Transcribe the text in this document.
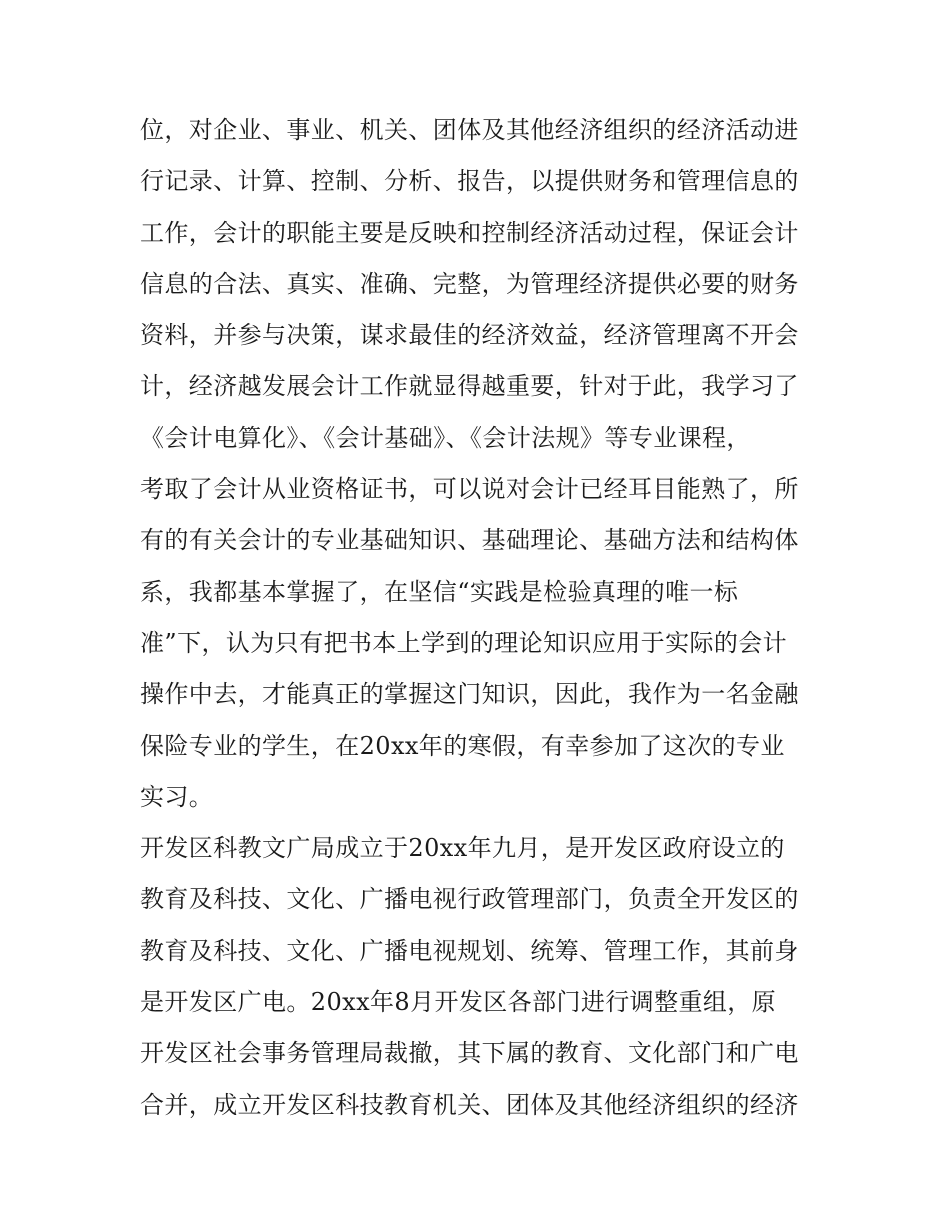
位，对企业、事业、机关、团体及其他经济组织的经济活动进
行记录、计算、控制、分析、报告，以提供财务和管理信息的
工作，会计的职能主要是反映和控制经济活动过程，保证会计
信息的合法、真实、准确、完整，为管理经济提供必要的财务
资料，并参与决策，谋求最佳的经济效益，经济管理离不开会
计，经济越发展会计工作就显得越重要，针对于此，我学习了
《会计电算化》、《会计基础》、《会计法规》等专业课程，
考取了会计从业资格证书，可以说对会计已经耳目能熟了，所
有的有关会计的专业基础知识、基础理论、基础方法和结构体
系，我都基本掌握了，在坚信“实践是检验真理的唯一标
准”下，认为只有把书本上学到的理论知识应用于实际的会计
操作中去，才能真正的掌握这门知识，因此，我作为一名金融
保险专业的学生，在20xx年的寒假，有幸参加了这次的专业
实习。
开发区科教文广局成立于20xx年九月，是开发区政府设立的
教育及科技、文化、广播电视行政管理部门，负责全开发区的
教育及科技、文化、广播电视规划、统筹、管理工作，其前身
是开发区广电。20xx年8月开发区各部门进行调整重组，原
开发区社会事务管理局裁撤，其下属的教育、文化部门和广电
合并，成立开发区科技教育机关、团体及其他经济组织的经济
